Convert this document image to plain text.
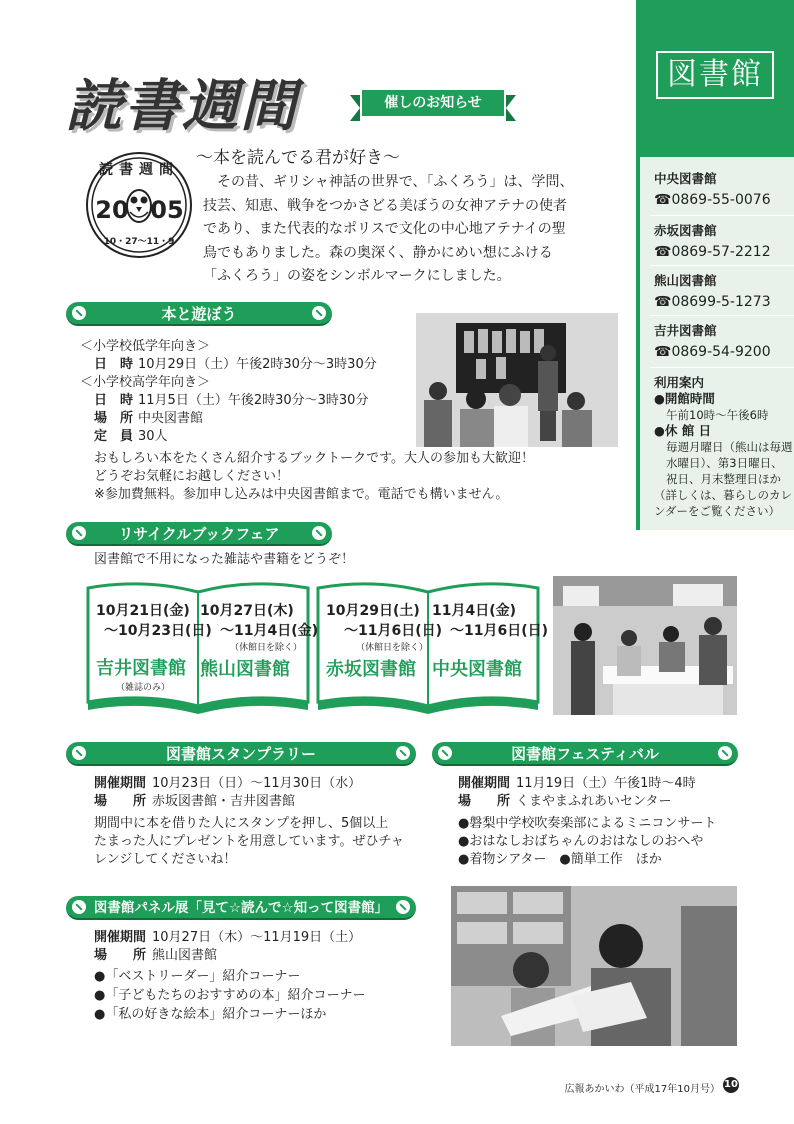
読書週間	催しのお知らせ
〜本を読んでる君が好き〜

その昔、ギリシャ神話の世界で、「ふくろう」は、学問、技芸、知恵、戦争をつかさどる美ぼうの女神アテナの使者であり、また代表的なポリスで文化の中心地アテナイの聖鳥でもありました。森の奥深く、静かにめい想にふける「ふくろう」の姿をシンボルマークにしました。

読書週間
20 05
10・27〜11・9
図書館
中央図書館
☎0869-55-0076
赤坂図書館
☎0869-57-2212
熊山図書館
☎08699-5-1273
吉井図書館
☎0869-54-9200
利用案内
●開館時間
午前10時〜午後6時
●休 館 日
毎週月曜日（熊山は毎週水曜日）、第3日曜日、祝日、月末整理日ほか
（詳しくは、暮らしのカレンダーをご覧ください）
本と遊ぼう
＜小学校低学年向き＞
日　時 10月29日（土）午後2時30分〜3時30分
＜小学校高学年向き＞
日　時 11月5日（土）午後2時30分〜3時30分
場　所 中央図書館
定　員 30人
おもしろい本をたくさん紹介するブックトークです。大人の参加も大歓迎！
どうぞお気軽にお越しください！
※参加費無料。参加申し込みは中央図書館まで。電話でも構いません。
リサイクルブックフェア
図書館で不用になった雑誌や書籍をどうぞ！
10月21日(金)
〜10月23日(日)
吉井図書館
（雑誌のみ）
10月27日(木)
〜11月4日(金)
（休館日を除く）
熊山図書館
10月29日(土)
〜11月6日(日)
（休館日を除く）
赤坂図書館
11月4日(金)
〜11月6日(日)
中央図書館
図書館スタンプラリー
開催期間 10月23日（日）〜11月30日（水）
場　　所 赤坂図書館・吉井図書館
期間中に本を借りた人にスタンプを押し、5個以上
たまった人にプレゼントを用意しています。ぜひチャ
レンジしてくださいね！
図書館フェスティバル
開催期間 11月19日（土）午後1時〜4時
場　　所 くまやまふれあいセンター
●磐梨中学校吹奏楽部によるミニコンサート
●おはなしおばちゃんのおはなしのおへや
●着物シアター　●簡単工作　ほか
図書館パネル展「見て☆読んで☆知って図書館」
開催期間 10月27日（木）〜11月19日（土）
場　　所 熊山図書館
●「ベストリーダー」紹介コーナー
●「子どもたちのおすすめの本」紹介コーナー
●「私の好きな絵本」紹介コーナーほか
広報あかいわ（平成17年10月号） 10
